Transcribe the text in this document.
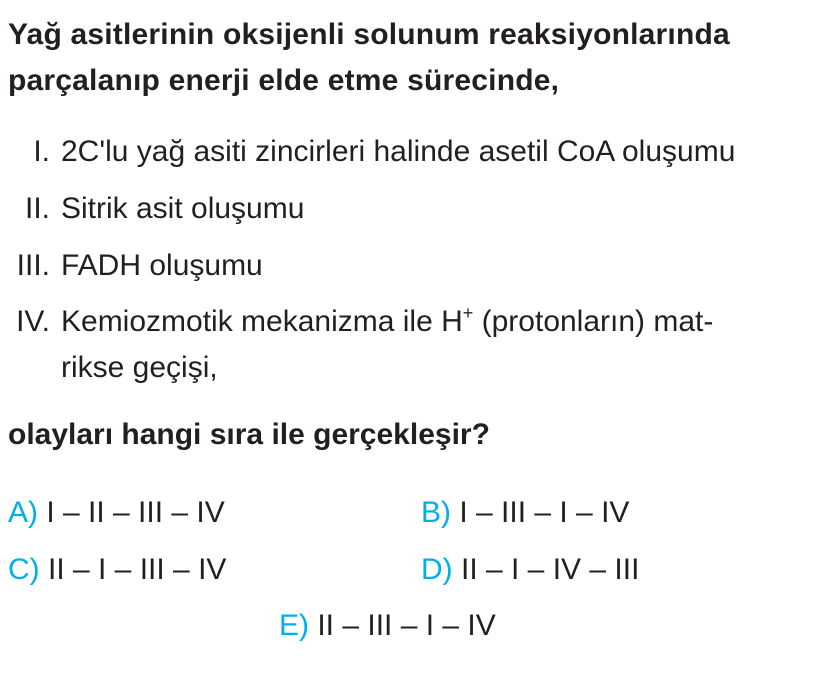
Yağ asitlerinin oksijenli solunum reaksiyonlarında
parçalanıp enerji elde etme sürecinde,
I. 2C'lu yağ asiti zincirleri halinde asetil CoA oluşumu
II. Sitrik asit oluşumu
III. FADH oluşumu
IV. Kemiozmotik mekanizma ile H+ (protonların) mat-
rikse geçişi,
olayları hangi sıra ile gerçekleşir?
A) I – II – III – IV	B) I – III – I – IV
C) II – I – III – IV	D) II – I – IV – III
E) II – III – I – IV
